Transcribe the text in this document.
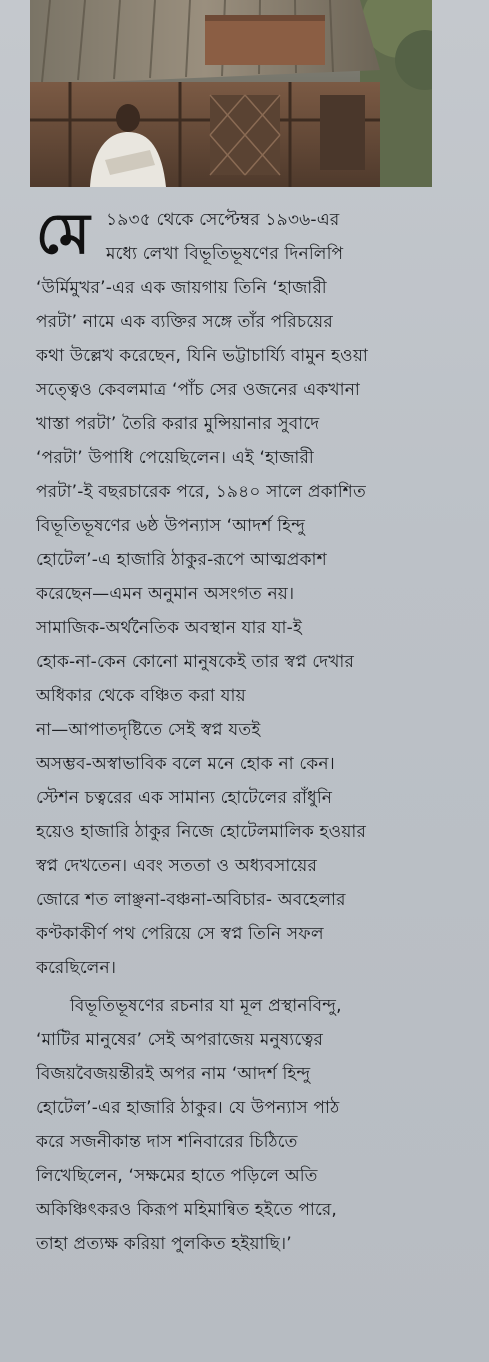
মে ১৯৩৫ থেকে সেপ্টেম্বর ১৯৩৬-এর
মধ্যে লেখা বিভূতিভূষণের দিনলিপি
‘উর্মিমুখর’-এর এক জায়গায় তিনি ‘হাজারী
পরটা’ নামে এক ব্যক্তির সঙ্গে তাঁর পরিচয়ের
কথা উল্লেখ করেছেন, যিনি ভট্টাচার্য্যি বামুন হওয়া
সত্ত্বেও কেবলমাত্র ‘পাঁচ সের ওজনের একখানা
খাস্তা পরটা’ তৈরি করার মুন্সিয়ানার সুবাদে
‘পরটা’ উপাধি পেয়েছিলেন। এই ‘হাজারী
পরটা’-ই বছরচারেক পরে, ১৯৪০ সালে প্রকাশিত
বিভূতিভূষণের ৬ষ্ঠ উপন্যাস ‘আদর্শ হিন্দু
হোটেল’-এ হাজারি ঠাকুর-রূপে আত্মপ্রকাশ
করেছেন—এমন অনুমান অসংগত নয়।
সামাজিক-অর্থনৈতিক অবস্থান যার যা-ই
হোক-না-কেন কোনো মানুষকেই তার স্বপ্ন দেখার
অধিকার থেকে বঞ্চিত করা যায়
না—আপাতদৃষ্টিতে সেই স্বপ্ন যতই
অসম্ভব-অস্বাভাবিক বলে মনে হোক না কেন।
স্টেশন চত্বরের এক সামান্য হোটেলের রাঁধুনি
হয়েও হাজারি ঠাকুর নিজে হোটেলমালিক হওয়ার
স্বপ্ন দেখতেন। এবং সততা ও অধ্যবসায়ের
জোরে শত লাঞ্ছনা-বঞ্চনা-অবিচার- অবহেলার
কণ্টকাকীর্ণ পথ পেরিয়ে সে স্বপ্ন তিনি সফল
করেছিলেন।
বিভূতিভূষণের রচনার যা মূল প্রস্থানবিন্দু,
‘মাটির মানুষের’ সেই অপরাজেয় মনুষ্যত্বের
বিজয়বৈজয়ন্তীরই অপর নাম ‘আদর্শ হিন্দু
হোটেল’-এর হাজারি ঠাকুর। যে উপন্যাস পাঠ
করে সজনীকান্ত দাস শনিবারের চিঠিতে
লিখেছিলেন, ‘সক্ষমের হাতে পড়িলে অতি
অকিঞ্চিৎকরও কিরূপ মহিমান্বিত হইতে পারে,
তাহা প্রত্যক্ষ করিয়া পুলকিত হইয়াছি।’
